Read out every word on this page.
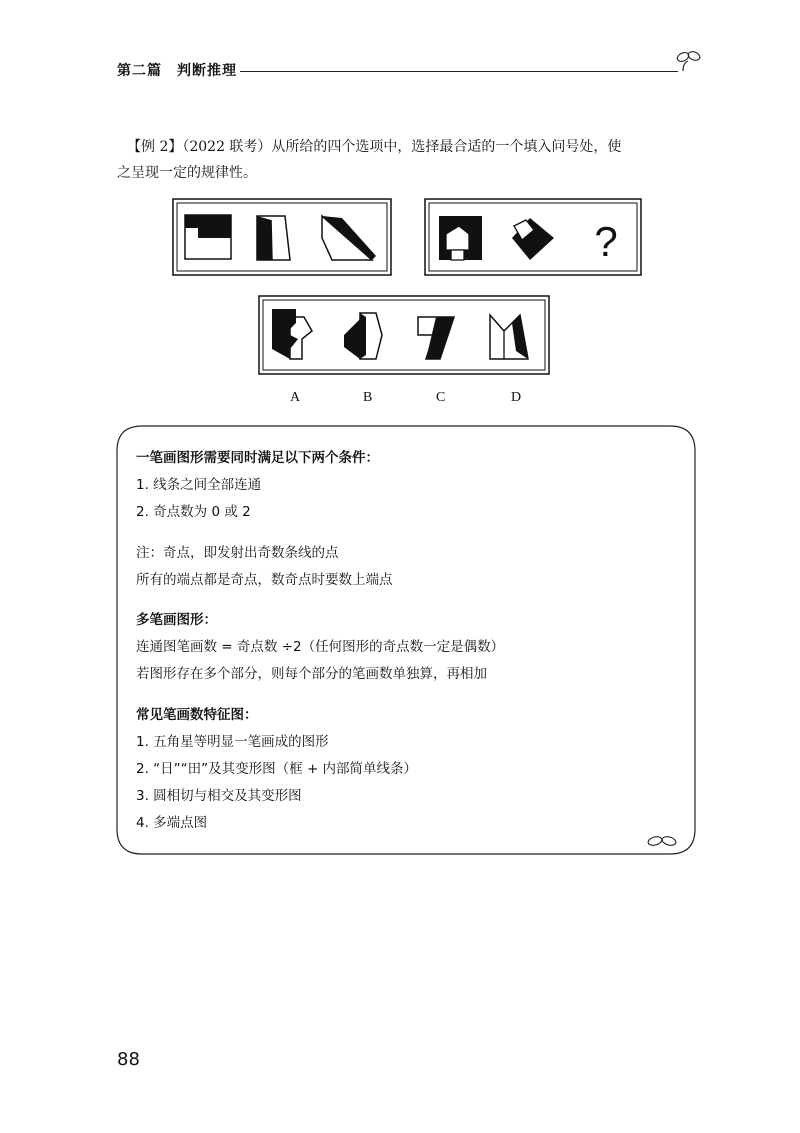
第二篇　判断推理
【例 2】（2022 联考）从所给的四个选项中，选择最合适的一个填入问号处，使
之呈现一定的规律性。
?
A	B	C	D
一笔画图形需要同时满足以下两个条件：
1. 线条之间全部连通
2. 奇点数为 0 或 2
注：奇点，即发射出奇数条线的点
所有的端点都是奇点，数奇点时要数上端点
多笔画图形：
连通图笔画数 = 奇点数 ÷2（任何图形的奇点数一定是偶数）
若图形存在多个部分，则每个部分的笔画数单独算，再相加
常见笔画数特征图：
1. 五角星等明显一笔画成的图形
2. “日”“田”及其变形图（框 + 内部简单线条）
3. 圆相切与相交及其变形图
4. 多端点图
88
